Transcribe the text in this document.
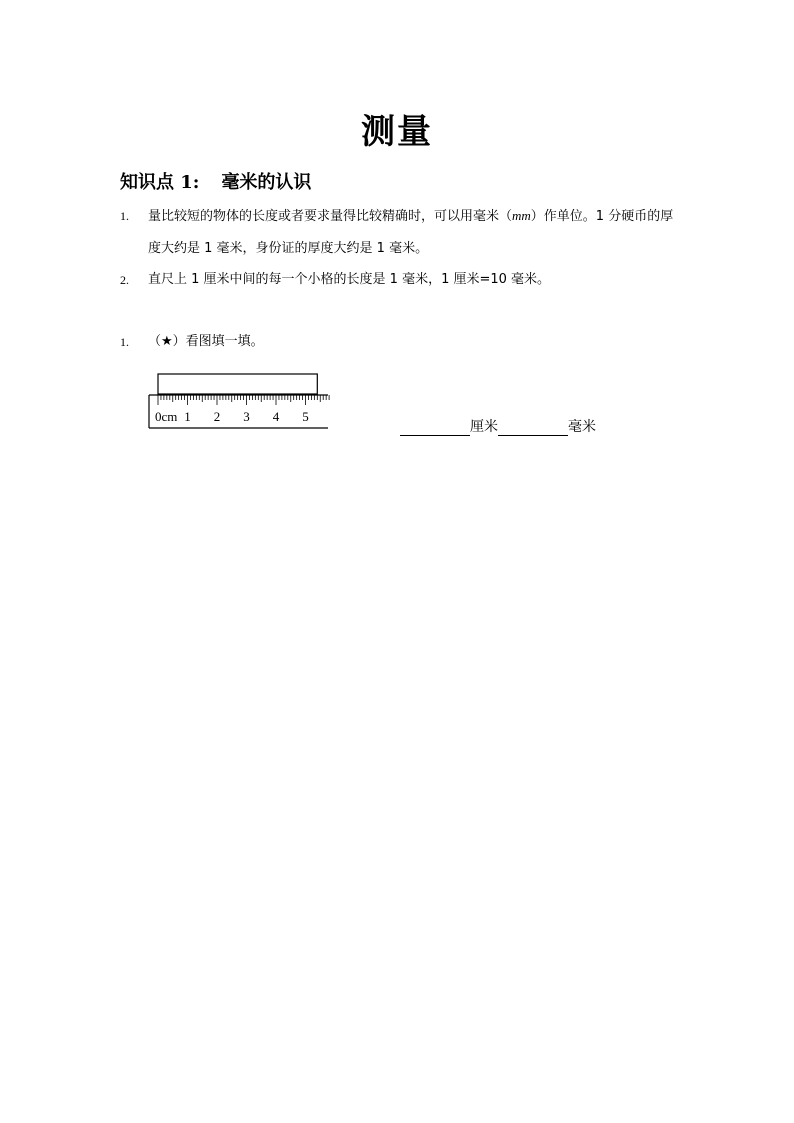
测量
知识点 1: 毫米的认识
1.	量比较短的物体的长度或者要求量得比较精确时，可以用毫米（mm）作单位。1 分硬币的厚度大约是 1 毫米，身份证的厚度大约是 1 毫米。
2.	直尺上 1 厘米中间的每一个小格的长度是 1 毫米，1 厘米=10 毫米。
1.	（★）看图填一填。
0cm 1 2 3 4 5
厘米	毫米
